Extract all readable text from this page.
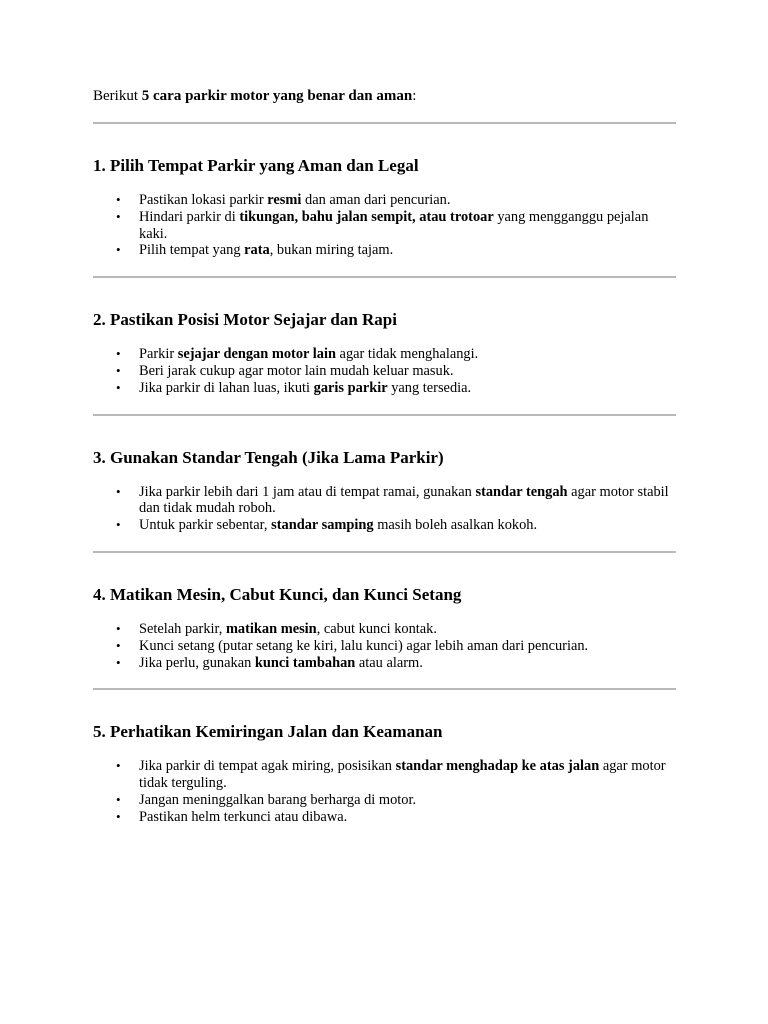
Berikut 5 cara parkir motor yang benar dan aman:

1. Pilih Tempat Parkir yang Aman dan Legal
• Pastikan lokasi parkir resmi dan aman dari pencurian.
• Hindari parkir di tikungan, bahu jalan sempit, atau trotoar yang mengganggu pejalan kaki.
• Pilih tempat yang rata, bukan miring tajam.
2. Pastikan Posisi Motor Sejajar dan Rapi
• Parkir sejajar dengan motor lain agar tidak menghalangi.
• Beri jarak cukup agar motor lain mudah keluar masuk.
• Jika parkir di lahan luas, ikuti garis parkir yang tersedia.
3. Gunakan Standar Tengah (Jika Lama Parkir)
• Jika parkir lebih dari 1 jam atau di tempat ramai, gunakan standar tengah agar motor stabil dan tidak mudah roboh.
• Untuk parkir sebentar, standar samping masih boleh asalkan kokoh.
4. Matikan Mesin, Cabut Kunci, dan Kunci Setang
• Setelah parkir, matikan mesin, cabut kunci kontak.
• Kunci setang (putar setang ke kiri, lalu kunci) agar lebih aman dari pencurian.
• Jika perlu, gunakan kunci tambahan atau alarm.
5. Perhatikan Kemiringan Jalan dan Keamanan
• Jika parkir di tempat agak miring, posisikan standar menghadap ke atas jalan agar motor tidak terguling.
• Jangan meninggalkan barang berharga di motor.
• Pastikan helm terkunci atau dibawa.
